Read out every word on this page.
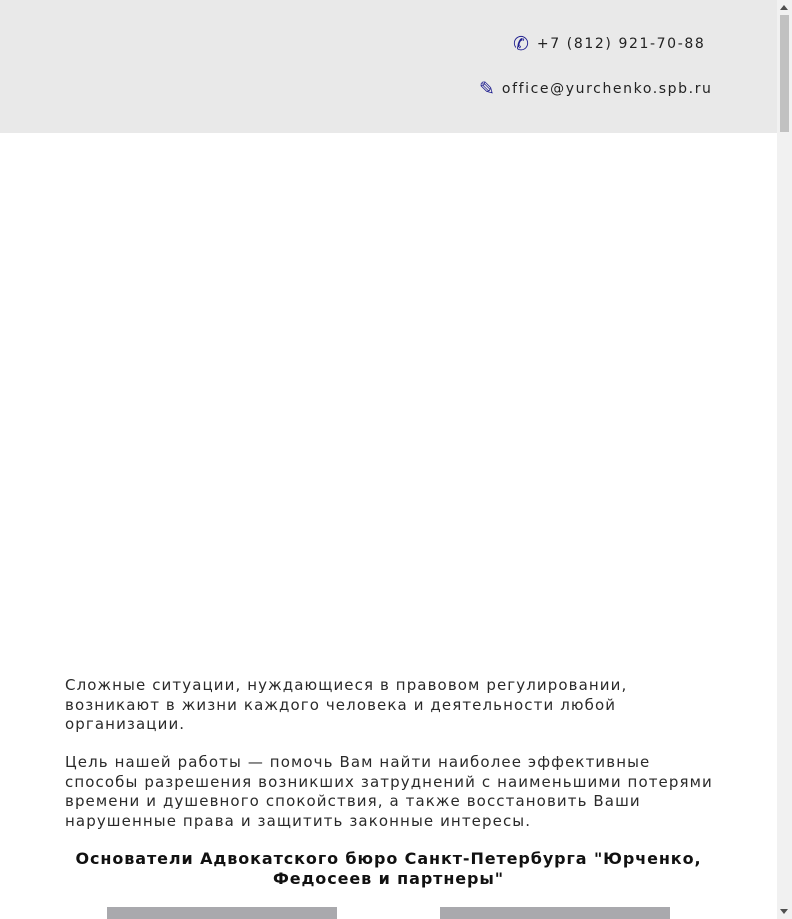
✆ +7 (812) 921-70-88
✎ office@yurchenko.spb.ru

Сложные ситуации, нуждающиеся в правовом регулировании, возникают в жизни каждого человека и деятельности любой организации.

Цель нашей работы — помочь Вам найти наиболее эффективные способы разрешения возникших затруднений с наименьшими потерями времени и душевного спокойствия, а также восстановить Ваши нарушенные права и защитить законные интересы.

Основатели Адвокатского бюро Санкт-Петербурга "Юрченко, Федосеев и партнеры"
